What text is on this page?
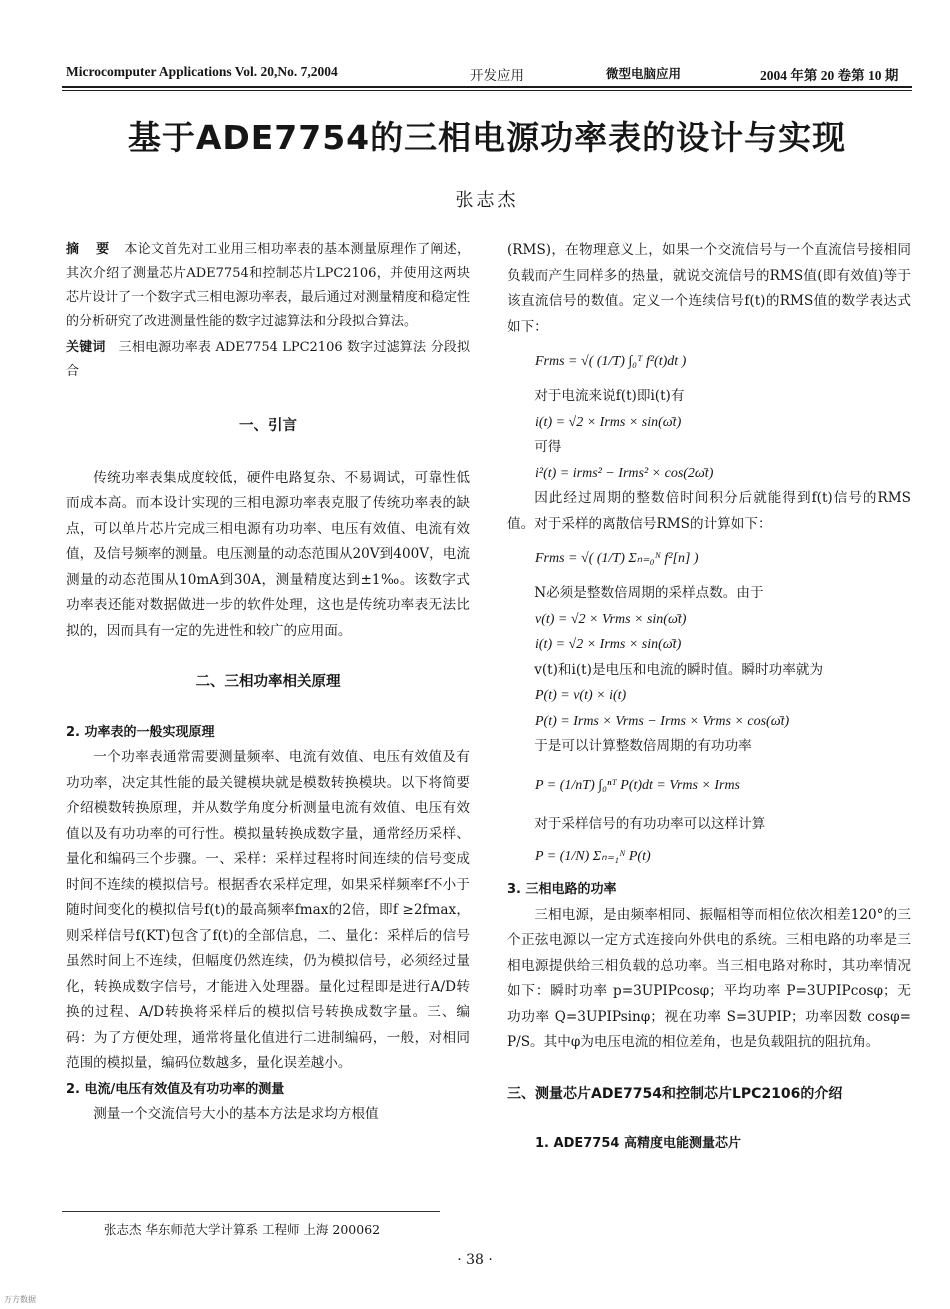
Microcomputer Applications Vol. 20,No. 7,2004	开发应用	微型电脑应用	2004 年第 20 卷第 10 期
基于ADE7754的三相电源功率表的设计与实现
张志杰

摘 要 本论文首先对工业用三相功率表的基本测量原理作了阐述，其次介绍了测量芯片ADE7754和控制芯片LPC2106，并使用这两块芯片设计了一个数字式三相电源功率表，最后通过对测量精度和稳定性的分析研究了改进测量性能的数字过滤算法和分段拟合算法。

关键词 三相电源功率表 ADE7754 LPC2106 数字过滤算法 分段拟合

一、引言

传统功率表集成度较低，硬件电路复杂、不易调试，可靠性低而成本高。而本设计实现的三相电源功率表克服了传统功率表的缺点，可以单片芯片完成三相电源有功功率、电压有效值、电流有效值，及信号频率的测量。电压测量的动态范围从20V到400V，电流测量的动态范围从10mA到30A，测量精度达到±1‰。该数字式功率表还能对数据做进一步的软件处理，这也是传统功率表无法比拟的，因而具有一定的先进性和较广的应用面。

二、三相功率相关原理

2. 功率表的一般实现原理

一个功率表通常需要测量频率、电流有效值、电压有效值及有功功率，决定其性能的最关键模块就是模数转换模块。以下将简要介绍模数转换原理，并从数学角度分析测量电流有效值、电压有效值以及有功功率的可行性。模拟量转换成数字量，通常经历采样、量化和编码三个步骤。一、采样：采样过程将时间连续的信号变成时间不连续的模拟信号。根据香农采样定理，如果采样频率f不小于随时间变化的模拟信号f(t)的最高频率fmax的2倍，即f ≥2fmax，则采样信号f(KT)包含了f(t)的全部信息，二、量化：采样后的信号虽然时间上不连续，但幅度仍然连续，仍为模拟信号，必须经过量化，转换成数字信号，才能进入处理器。量化过程即是进行A/D转换的过程、A/D转换将采样后的模拟信号转换成数字量。三、编码：为了方便处理，通常将量化值进行二进制编码，一般，对相同范围的模拟量，编码位数越多，量化误差越小。

2. 电流/电压有效值及有功功率的测量

测量一个交流信号大小的基本方法是求均方根值

(RMS)，在物理意义上，如果一个交流信号与一个直流信号接相同负载而产生同样多的热量，就说交流信号的RMS值(即有效值)等于该直流信号的数值。定义一个连续信号f(t)的RMS值的数学表达式如下：

Frms = √( (1/T) ∫₀ᵀ f²(t)dt )

对于电流来说f(t)即i(t)有

i(t) = √2 × Irms × sin(ω̄t)

可得

i²(t) = irms² − Irms² × cos(2ω̄t)

因此经过周期的整数倍时间积分后就能得到f(t)信号的RMS值。对于采样的离散信号RMS的计算如下：

Frms = √( (1/T) Σₙ₌₀ᴺ f²[n] )

N必须是整数倍周期的采样点数。由于

v(t) = √2 × Vrms × sin(ω̄t)

i(t) = √2 × Irms × sin(ω̄t)

v(t)和i(t)是电压和电流的瞬时值。瞬时功率就为

P(t) = v(t) × i(t)

P(t) = Irms × Vrms − Irms × Vrms × cos(ω̄t)

于是可以计算整数倍周期的有功功率

P = (1/nT) ∫₀ⁿᵀ P(t)dt = Vrms × Irms

对于采样信号的有功功率可以这样计算

P = (1/N) Σₙ₌₁ᴺ P(t)

3. 三相电路的功率

三相电源，是由频率相同、振幅相等而相位依次相差120°的三个正弦电源以一定方式连接向外供电的系统。三相电路的功率是三相电源提供给三相负载的总功率。当三相电路对称时，其功率情况如下：瞬时功率 p=3UPIPcosφ；平均功率 P=3UPIPcosφ；无功功率 Q=3UPIPsinφ；视在功率 S=3UPIP；功率因数 cosφ= P/S。其中φ为电压电流的相位差角，也是负载阻抗的阻抗角。

三、测量芯片ADE7754和控制芯片LPC2106的介绍

1. ADE7754 高精度电能测量芯片

张志杰 华东师范大学计算系 工程师 上海 200062
· 38 ·
万方数据
